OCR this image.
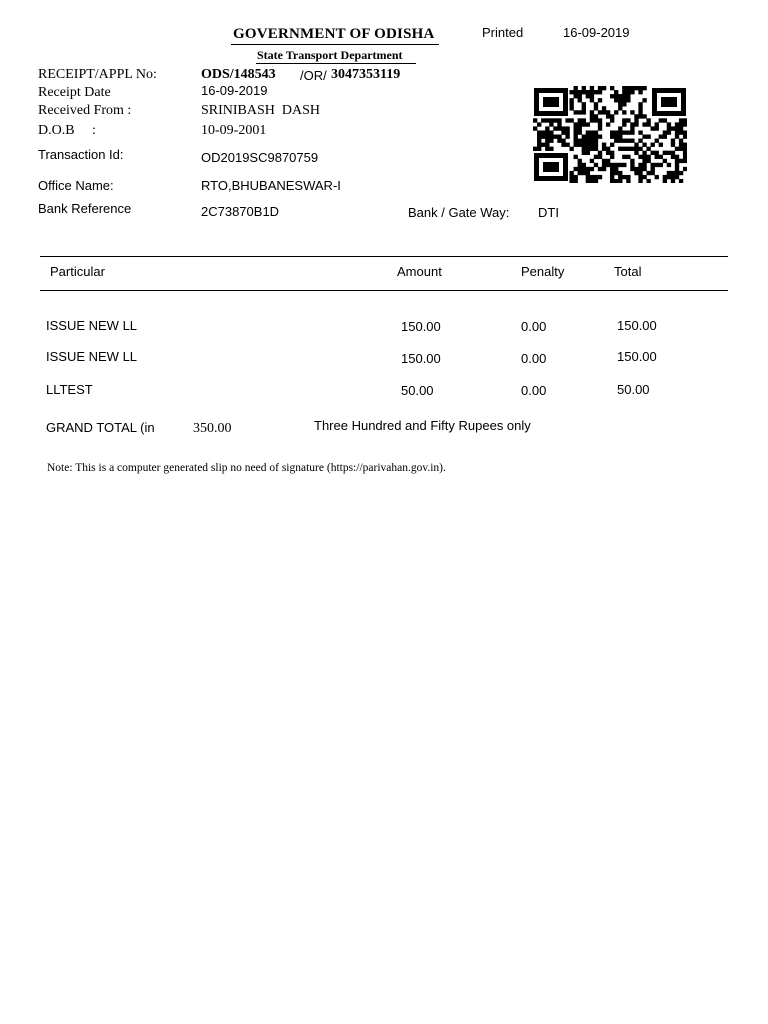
GOVERNMENT OF ODISHA
State Transport Department
Printed	16-09-2019
RECEIPT/APPL No:	ODS/148543 /OR/ 3047353119
Receipt Date	16-09-2019
Received From :	SRINIBASH  DASH
D.O.B     :	10-09-2001
Transaction Id:	OD2019SC9870759
Office Name:	RTO,BHUBANESWAR-I
Bank Reference	2C73870B1D	Bank / Gate Way: DTI
Particular	Amount	Penalty	Total
ISSUE NEW LL	150.00	0.00	150.00
ISSUE NEW LL	150.00	0.00	150.00
LLTEST	50.00	0.00	50.00
GRAND TOTAL (in	350.00	Three Hundred and Fifty Rupees only
Note: This is a computer generated slip no need of signature (https://parivahan.gov.in).
